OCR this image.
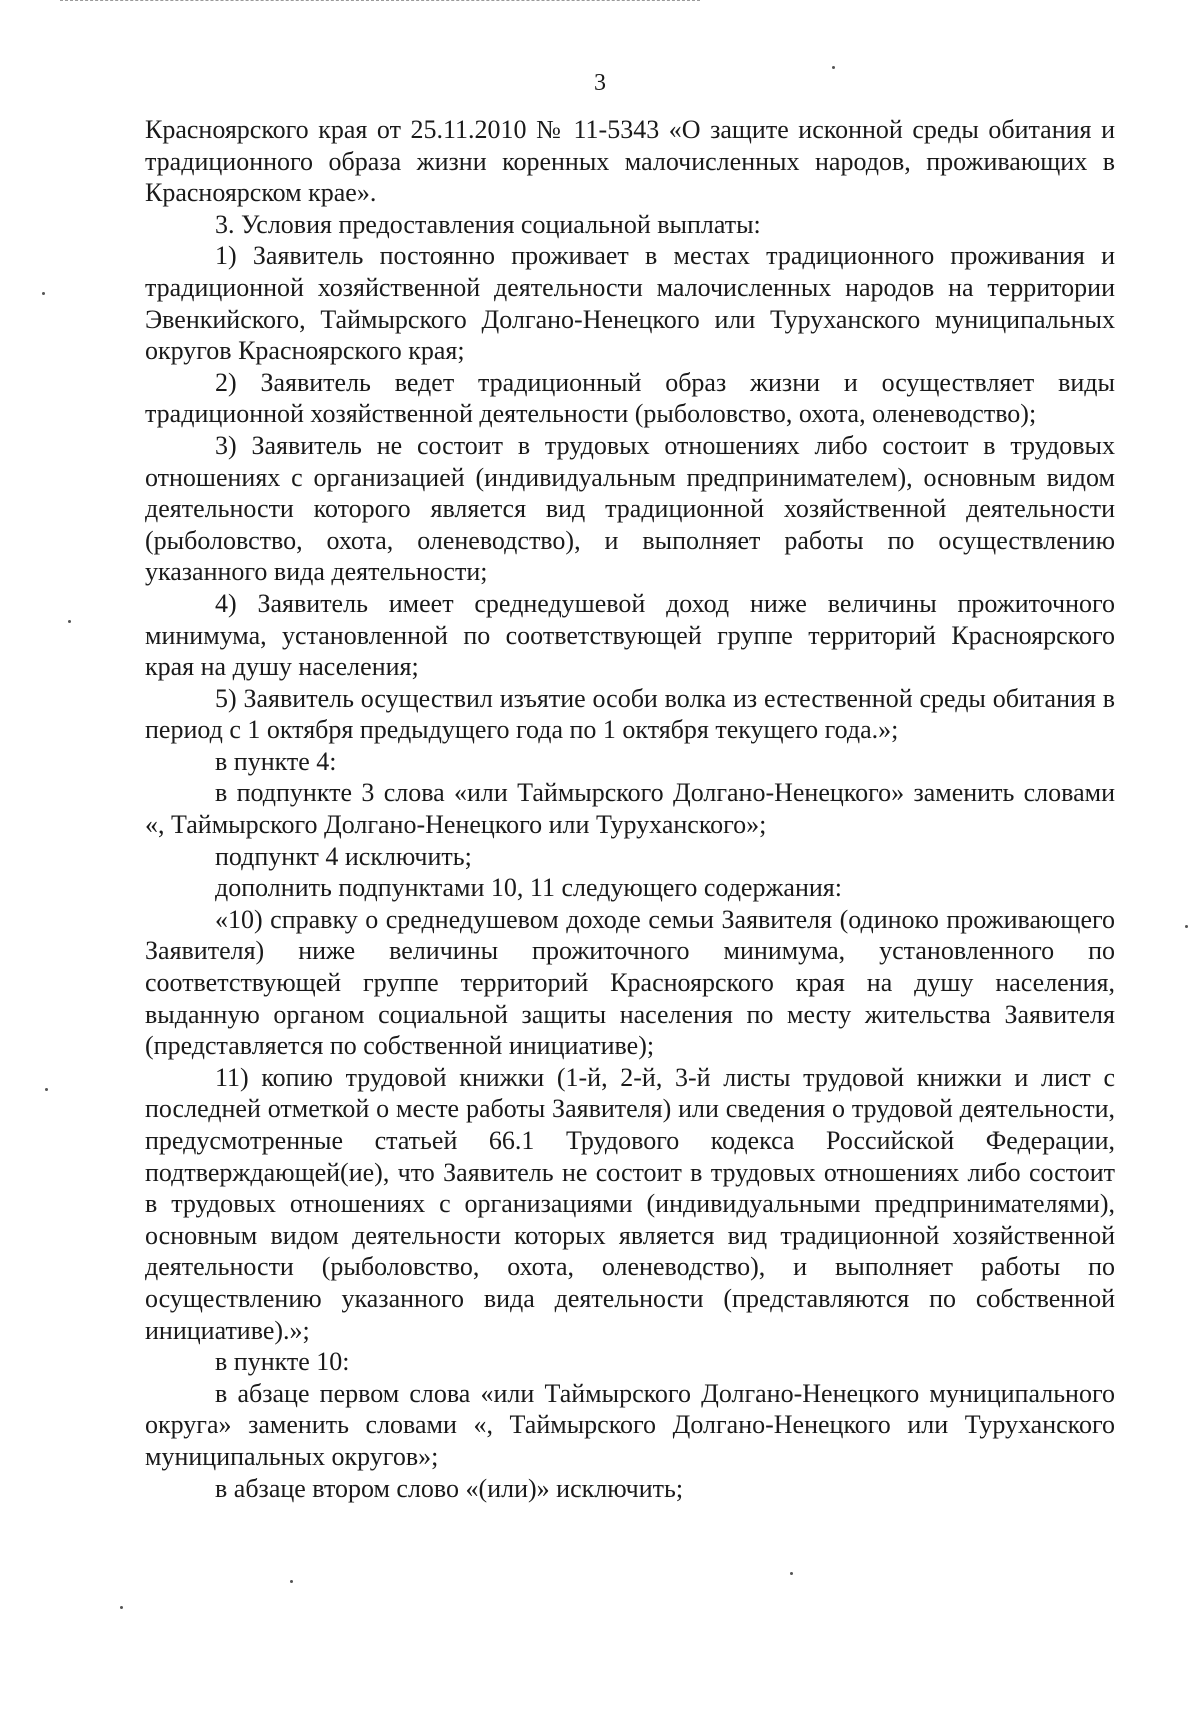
3

Красноярского края от 25.11.2010 № 11-5343 «О защите исконной среды обитания и традиционного образа жизни коренных малочисленных народов, проживающих в Красноярском крае».

3. Условия предоставления социальной выплаты:

1) Заявитель постоянно проживает в местах традиционного проживания и традиционной хозяйственной деятельности малочисленных народов на территории Эвенкийского, Таймырского Долгано-Ненецкого или Туруханского муниципальных округов Красноярского края;

2) Заявитель ведет традиционный образ жизни и осуществляет виды традиционной хозяйственной деятельности (рыболовство, охота, оленеводство);

3) Заявитель не состоит в трудовых отношениях либо состоит в трудовых отношениях с организацией (индивидуальным предпринимателем), основным видом деятельности которого является вид традиционной хозяйственной деятельности (рыболовство, охота, оленеводство), и выполняет работы по осуществлению указанного вида деятельности;

4) Заявитель имеет среднедушевой доход ниже величины прожиточного минимума, установленной по соответствующей группе территорий Красноярского края на душу населения;

5) Заявитель осуществил изъятие особи волка из естественной среды обитания в период с 1 октября предыдущего года по 1 октября текущего года.»;

в пункте 4:

в подпункте 3 слова «или Таймырского Долгано-Ненецкого» заменить словами «, Таймырского Долгано-Ненецкого или Туруханского»;

подпункт 4 исключить;

дополнить подпунктами 10, 11 следующего содержания:

«10) справку о среднедушевом доходе семьи Заявителя (одиноко проживающего Заявителя) ниже величины прожиточного минимума, установленного по соответствующей группе территорий Красноярского края на душу населения, выданную органом социальной защиты населения по месту жительства Заявителя (представляется по собственной инициативе);

11) копию трудовой книжки (1-й, 2-й, 3-й листы трудовой книжки и лист с последней отметкой о месте работы Заявителя) или сведения о трудовой деятельности, предусмотренные статьей 66.1 Трудового кодекса Российской Федерации, подтверждающей(ие), что Заявитель не состоит в трудовых отношениях либо состоит в трудовых отношениях с организациями (индивидуальными предпринимателями), основным видом деятельности которых является вид традиционной хозяйственной деятельности (рыболовство, охота, оленеводство), и выполняет работы по осуществлению указанного вида деятельности (представляются по собственной инициативе).»;

в пункте 10:

в абзаце первом слова «или Таймырского Долгано-Ненецкого муниципального округа» заменить словами «, Таймырского Долгано-Ненецкого или Туруханского муниципальных округов»;

в абзаце втором слово «(или)» исключить;
